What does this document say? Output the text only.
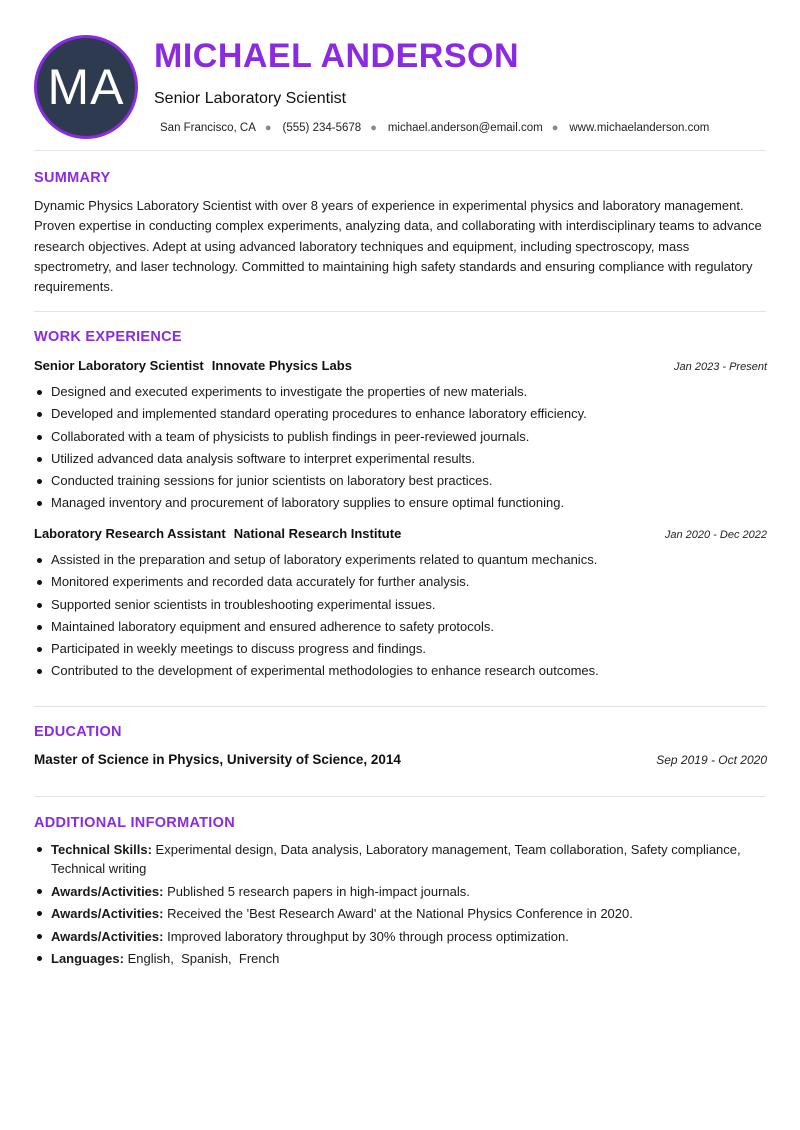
MA
MICHAEL ANDERSON
Senior Laboratory Scientist
San Francisco, CA ● (555) 234-5678 ● michael.anderson@email.com ● www.michaelanderson.com
SUMMARY

Dynamic Physics Laboratory Scientist with over 8 years of experience in experimental physics and laboratory management. Proven expertise in conducting complex experiments, analyzing data, and collaborating with interdisciplinary teams to advance research objectives. Adept at using advanced laboratory techniques and equipment, including spectroscopy, mass spectrometry, and laser technology. Committed to maintaining high safety standards and ensuring compliance with regulatory requirements.

WORK EXPERIENCE
Senior Laboratory Scientist Innovate Physics Labs	Jan 2023 - Present
Designed and executed experiments to investigate the properties of new materials.
Developed and implemented standard operating procedures to enhance laboratory efficiency.
Collaborated with a team of physicists to publish findings in peer-reviewed journals.
Utilized advanced data analysis software to interpret experimental results.
Conducted training sessions for junior scientists on laboratory best practices.
Managed inventory and procurement of laboratory supplies to ensure optimal functioning.
Laboratory Research Assistant National Research Institute	Jan 2020 - Dec 2022
Assisted in the preparation and setup of laboratory experiments related to quantum mechanics.
Monitored experiments and recorded data accurately for further analysis.
Supported senior scientists in troubleshooting experimental issues.
Maintained laboratory equipment and ensured adherence to safety protocols.
Participated in weekly meetings to discuss progress and findings.
Contributed to the development of experimental methodologies to enhance research outcomes.
EDUCATION
Master of Science in Physics, University of Science, 2014	Sep 2019 - Oct 2020
ADDITIONAL INFORMATION
Technical Skills: Experimental design, Data analysis, Laboratory management, Team collaboration, Safety compliance, Technical writing
Awards/Activities: Published 5 research papers in high-impact journals.
Awards/Activities: Received the 'Best Research Award' at the National Physics Conference in 2020.
Awards/Activities: Improved laboratory throughput by 30% through process optimization.
Languages: English,  Spanish,  French
